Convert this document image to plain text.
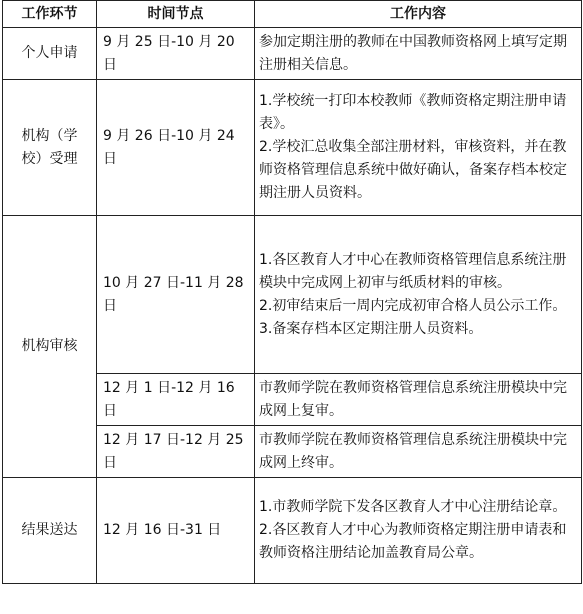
工作环节	时间节点	工作内容
个人申请	9 月 25 日-10 月 20 日	参加定期注册的教师在中国教师资格网上填写定期注册相关信息。

机构（学校）受理	9 月 26 日-10 月 24 日	1.学校统一打印本校教师《教师资格定期注册申请表》。

2.学校汇总收集全部注册材料，审核资料，并在教师资格管理信息系统中做好确认，备案存档本校定期注册人员资料。

机构审核	10 月 27 日-11 月 28 日	1.各区教育人才中心在教师资格管理信息系统注册模块中完成网上初审与纸质材料的审核。

2.初审结束后一周内完成初审合格人员公示工作。

3.备案存档本区定期注册人员资料。

	12 月 1 日-12 月 16 日	市教师学院在教师资格管理信息系统注册模块中完成网上复审。

	12 月 17 日-12 月 25 日	市教师学院在教师资格管理信息系统注册模块中完成网上终审。

结果送达	12 月 16 日-31 日	1.市教师学院下发各区教育人才中心注册结论章。

2.各区教育人才中心为教师资格定期注册申请表和教师资格注册结论加盖教育局公章。
